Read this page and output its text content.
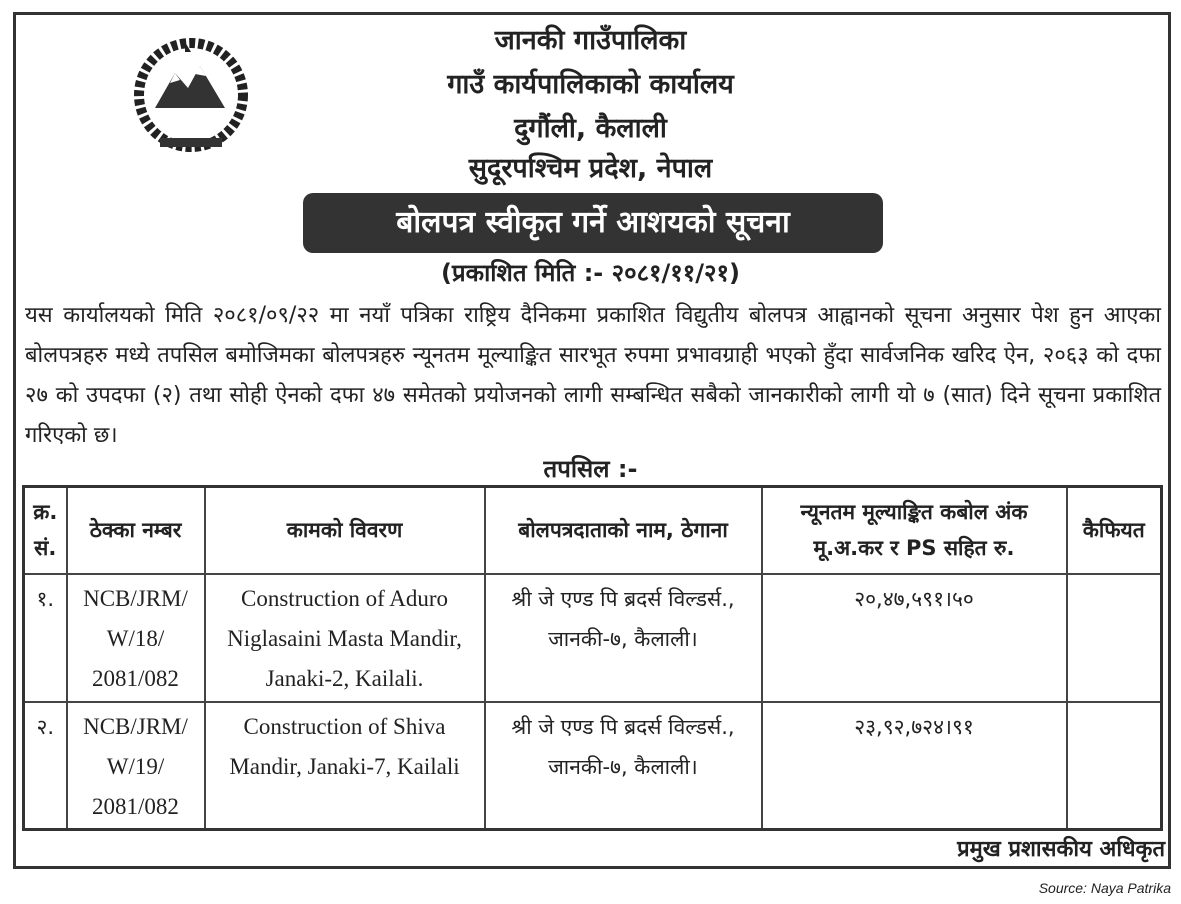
जानकी गाउँपालिका
गाउँ कार्यपालिकाको कार्यालय
दुगौंली, कैलाली
सुदूरपश्चिम प्रदेश, नेपाल
बोलपत्र स्वीकृत गर्ने आशयको सूचना
(प्रकाशित मिति :- २०८१/११/२१)
यस कार्यालयको मिति २०८१/०९/२२ मा नयाँ पत्रिका राष्ट्रिय दैनिकमा प्रकाशित विद्युतीय बोलपत्र आह्वानको सूचना अनुसार पेश हुन आएका बोलपत्रहरु मध्ये तपसिल बमोजिमका बोलपत्रहरु न्यूनतम मूल्याङ्कित सारभूत रुपमा प्रभावग्राही भएको हुँदा सार्वजनिक खरिद ऐन, २०६३ को दफा २७ को उपदफा (२) तथा सोही ऐनको दफा ४७ समेतको प्रयोजनको लागी सम्बन्धित सबैको जानकारीको लागी यो ७ (सात) दिने सूचना प्रकाशित गरिएको छ।
तपसिल :-
क्र. सं.	ठेक्का नम्बर	कामको विवरण	बोलपत्रदाताको नाम, ठेगाना	न्यूनतम मूल्याङ्कित कबोल अंक मू.अ.कर र PS सहित रु.	कैफियत
१.	NCB/JRM/ W/18/ 2081/082	Construction of Aduro Niglasaini Masta Mandir, Janaki-2, Kailali.	श्री जे एण्ड पि ब्रदर्स विल्डर्स., जानकी-७, कैलाली।	२०,४७,५९१।५०	
२.	NCB/JRM/ W/19/ 2081/082	Construction of Shiva Mandir, Janaki-7, Kailali	श्री जे एण्ड पि ब्रदर्स विल्डर्स., जानकी-७, कैलाली।	२३,९२,७२४।९१	
प्रमुख प्रशासकीय अधिकृत
Source: Naya Patrika
